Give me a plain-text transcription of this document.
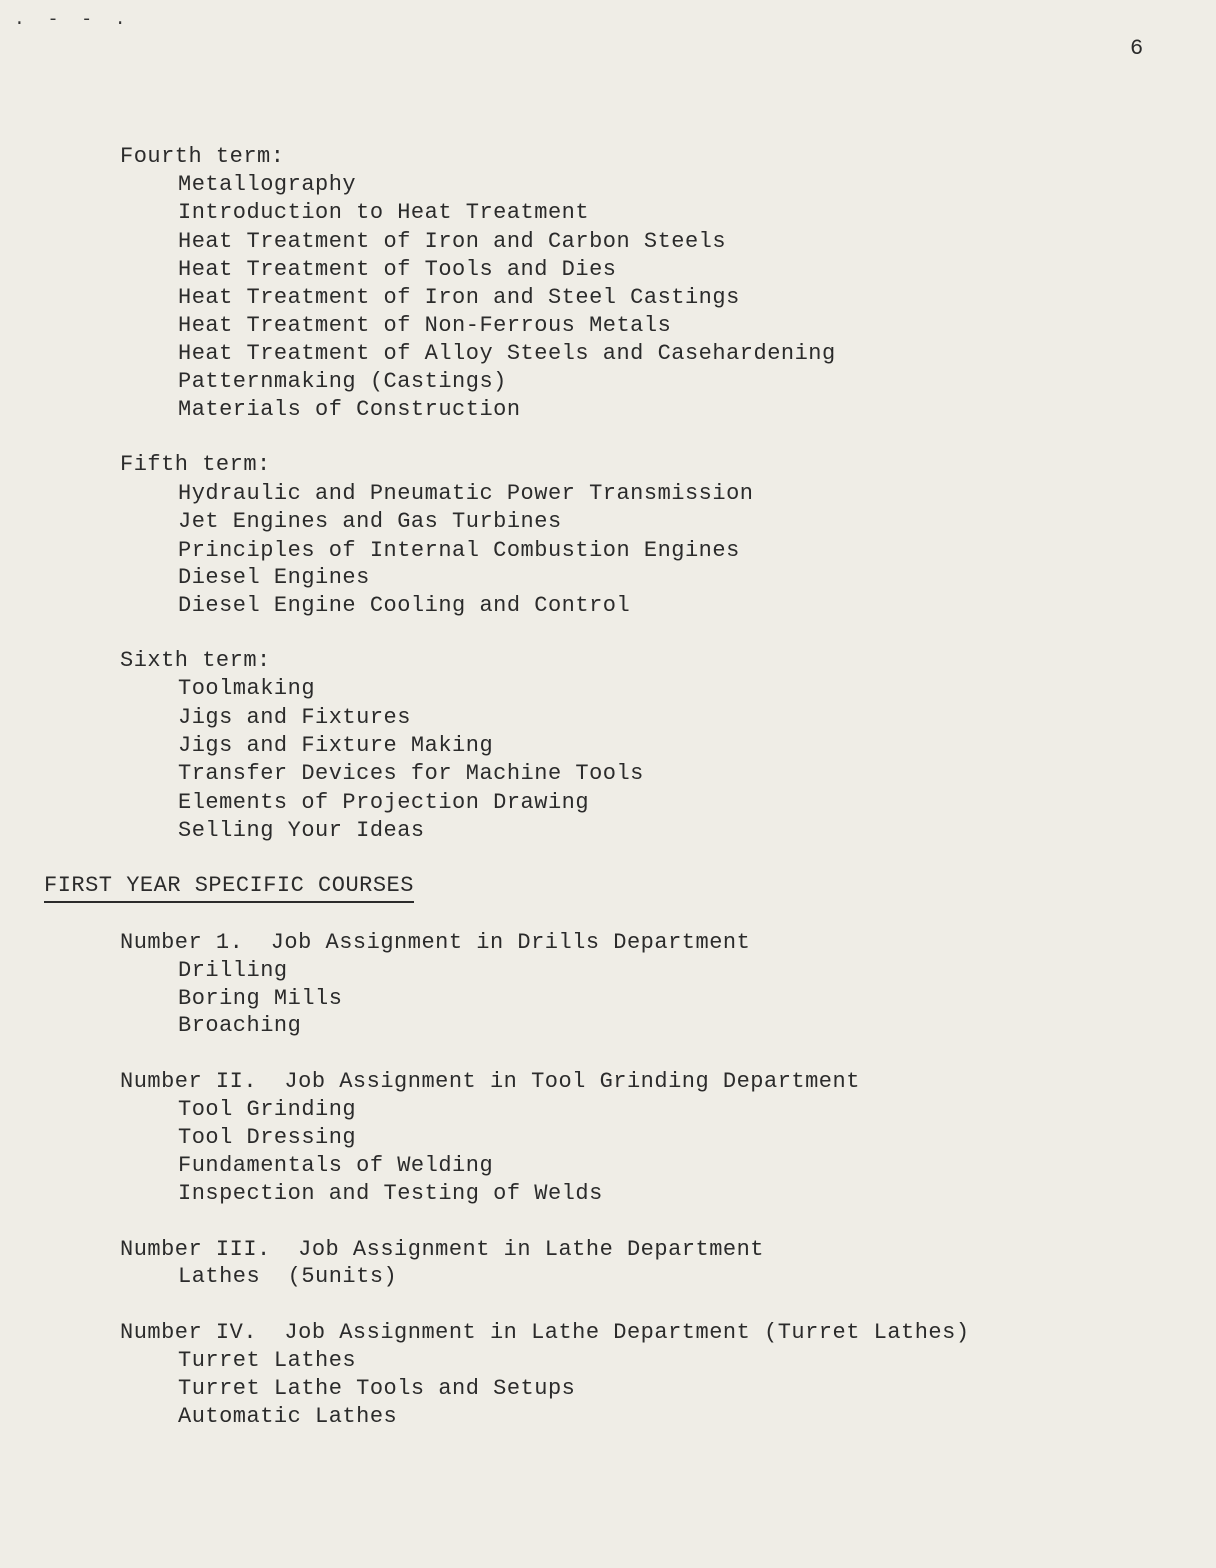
. - - .
6
Fourth term:
Metallography
Introduction to Heat Treatment
Heat Treatment of Iron and Carbon Steels
Heat Treatment of Tools and Dies
Heat Treatment of Iron and Steel Castings
Heat Treatment of Non-Ferrous Metals
Heat Treatment of Alloy Steels and Casehardening
Patternmaking (Castings)
Materials of Construction
Fifth term:
Hydraulic and Pneumatic Power Transmission
Jet Engines and Gas Turbines
Principles of Internal Combustion Engines
Diesel Engines
Diesel Engine Cooling and Control
Sixth term:
Toolmaking
Jigs and Fixtures
Jigs and Fixture Making
Transfer Devices for Machine Tools
Elements of Projection Drawing
Selling Your Ideas
FIRST YEAR SPECIFIC COURSES
Number 1.  Job Assignment in Drills Department
Drilling
Boring Mills
Broaching
Number II.  Job Assignment in Tool Grinding Department
Tool Grinding
Tool Dressing
Fundamentals of Welding
Inspection and Testing of Welds
Number III.  Job Assignment in Lathe Department
Lathes  (5units)
Number IV.  Job Assignment in Lathe Department (Turret Lathes)
Turret Lathes
Turret Lathe Tools and Setups
Automatic Lathes
